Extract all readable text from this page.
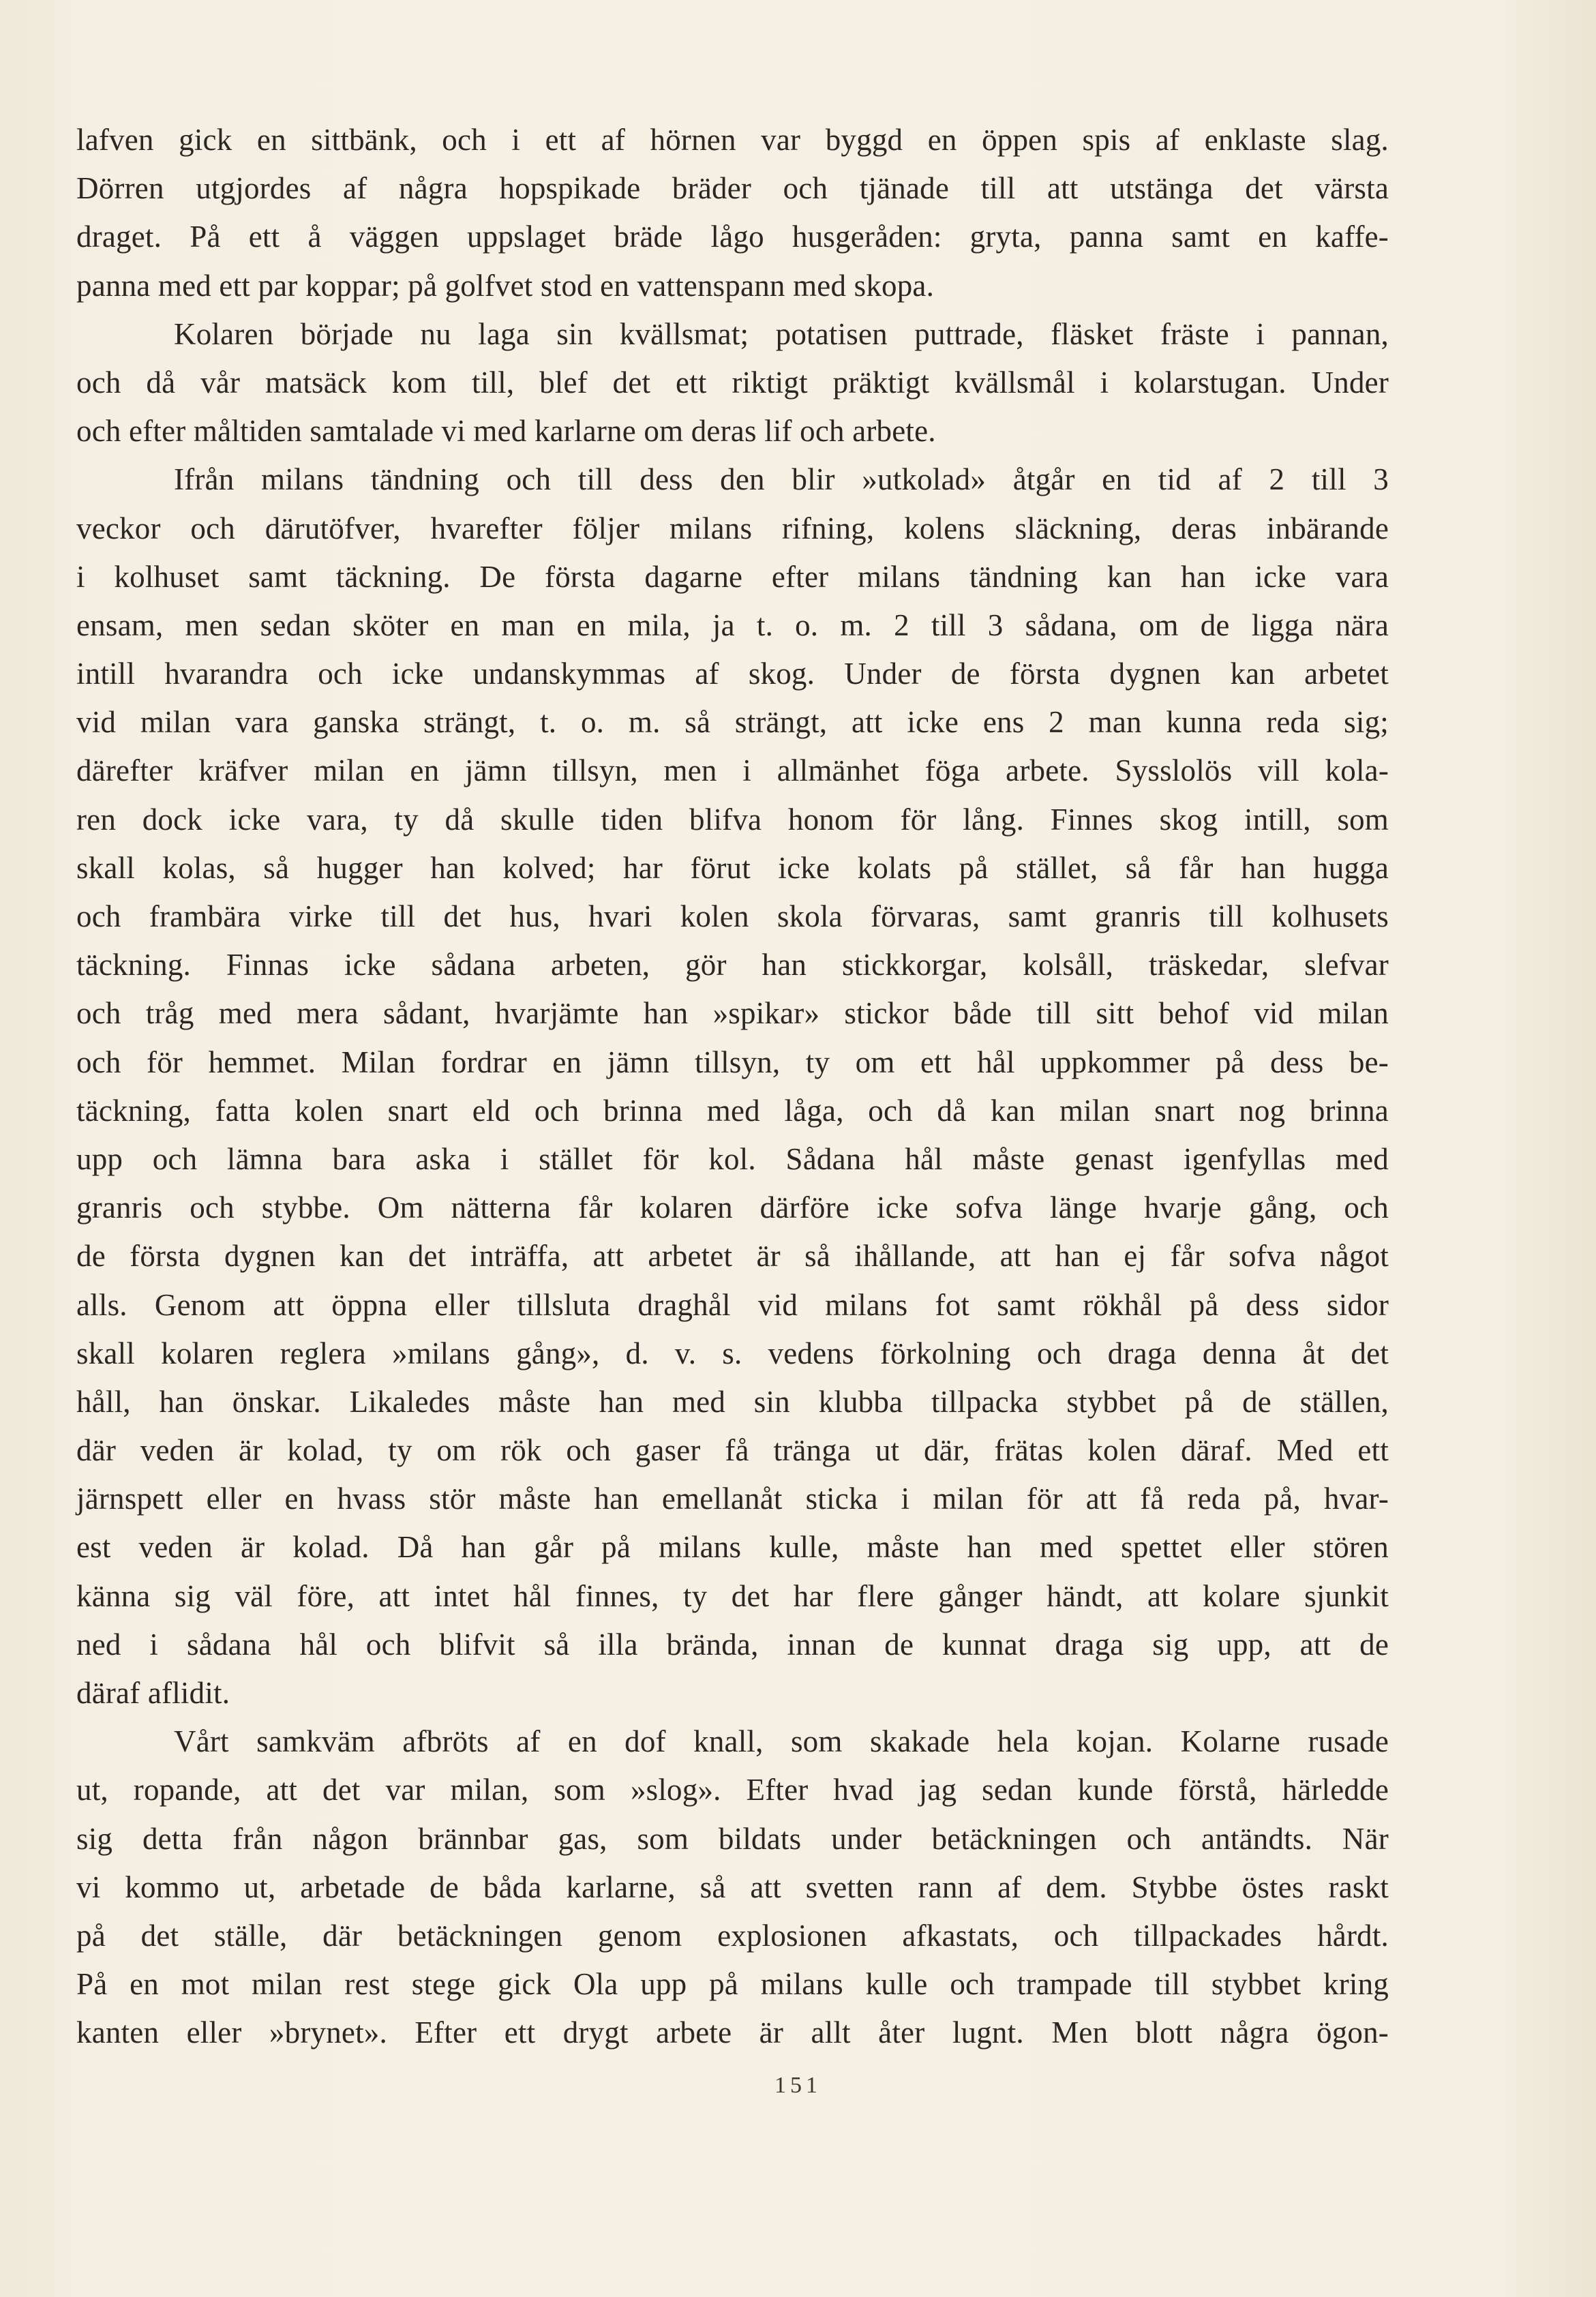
lafven gick en sittbänk, och i ett af hörnen var byggd en öppen spis af enklaste slag.
Dörren utgjordes af några hopspikade bräder och tjänade till att utstänga det värsta
draget. På ett å väggen uppslaget bräde lågo husgeråden: gryta, panna samt en kaffe-
panna med ett par koppar; på golfvet stod en vattenspann med skopa.
Kolaren började nu laga sin kvällsmat; potatisen puttrade, fläsket fräste i pannan,
och då vår matsäck kom till, blef det ett riktigt präktigt kvällsmål i kolarstugan. Under
och efter måltiden samtalade vi med karlarne om deras lif och arbete.
Ifrån milans tändning och till dess den blir »utkolad» åtgår en tid af 2 till 3
veckor och därutöfver, hvarefter följer milans rifning, kolens släckning, deras inbärande
i kolhuset samt täckning. De första dagarne efter milans tändning kan han icke vara
ensam, men sedan sköter en man en mila, ja t. o. m. 2 till 3 sådana, om de ligga nära
intill hvarandra och icke undanskymmas af skog. Under de första dygnen kan arbetet
vid milan vara ganska strängt, t. o. m. så strängt, att icke ens 2 man kunna reda sig;
därefter kräfver milan en jämn tillsyn, men i allmänhet föga arbete. Sysslolös vill kola-
ren dock icke vara, ty då skulle tiden blifva honom för lång. Finnes skog intill, som
skall kolas, så hugger han kolved; har förut icke kolats på stället, så får han hugga
och frambära virke till det hus, hvari kolen skola förvaras, samt granris till kolhusets
täckning. Finnas icke sådana arbeten, gör han stickkorgar, kolsåll, träskedar, slefvar
och tråg med mera sådant, hvarjämte han »spikar» stickor både till sitt behof vid milan
och för hemmet. Milan fordrar en jämn tillsyn, ty om ett hål uppkommer på dess be-
täckning, fatta kolen snart eld och brinna med låga, och då kan milan snart nog brinna
upp och lämna bara aska i stället för kol. Sådana hål måste genast igenfyllas med
granris och stybbe. Om nätterna får kolaren därföre icke sofva länge hvarje gång, och
de första dygnen kan det inträffa, att arbetet är så ihållande, att han ej får sofva något
alls. Genom att öppna eller tillsluta draghål vid milans fot samt rökhål på dess sidor
skall kolaren reglera »milans gång», d. v. s. vedens förkolning och draga denna åt det
håll, han önskar. Likaledes måste han med sin klubba tillpacka stybbet på de ställen,
där veden är kolad, ty om rök och gaser få tränga ut där, frätas kolen däraf. Med ett
järnspett eller en hvass stör måste han emellanåt sticka i milan för att få reda på, hvar-
est veden är kolad. Då han går på milans kulle, måste han med spettet eller stören
känna sig väl före, att intet hål finnes, ty det har flere gånger händt, att kolare sjunkit
ned i sådana hål och blifvit så illa brända, innan de kunnat draga sig upp, att de
däraf aflidit.
Vårt samkväm afbröts af en dof knall, som skakade hela kojan. Kolarne rusade
ut, ropande, att det var milan, som »slog». Efter hvad jag sedan kunde förstå, härledde
sig detta från någon brännbar gas, som bildats under betäckningen och antändts. När
vi kommo ut, arbetade de båda karlarne, så att svetten rann af dem. Stybbe östes raskt
på det ställe, där betäckningen genom explosionen afkastats, och tillpackades hårdt.
På en mot milan rest stege gick Ola upp på milans kulle och trampade till stybbet kring
kanten eller »brynet». Efter ett drygt arbete är allt åter lugnt. Men blott några ögon-
151
